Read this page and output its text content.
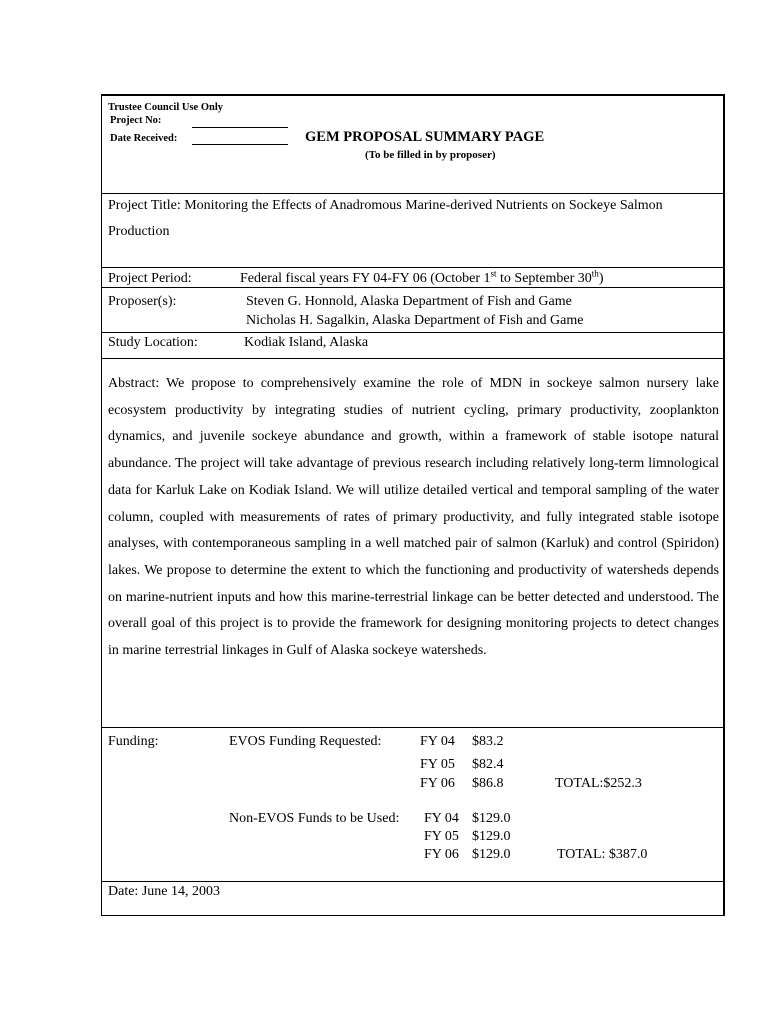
Trustee Council Use Only
Project No:
Date Received:	GEM PROPOSAL SUMMARY PAGE
(To be filled in by proposer)
Project Title: Monitoring the Effects of Anadromous Marine-derived Nutrients on Sockeye Salmon
Production
Project Period:	Federal fiscal years FY 04-FY 06 (October 1st to September 30th)
Proposer(s):	Steven G. Honnold, Alaska Department of Fish and Game
Nicholas H. Sagalkin, Alaska Department of Fish and Game
Study Location:	Kodiak Island, Alaska

Abstract: We propose to comprehensively examine the role of MDN in sockeye salmon nursery lake ecosystem productivity by integrating studies of nutrient cycling, primary productivity, zooplankton dynamics, and juvenile sockeye abundance and growth, within a framework of stable isotope natural abundance. The project will take advantage of previous research including relatively long-term limnological data for Karluk Lake on Kodiak Island. We will utilize detailed vertical and temporal sampling of the water column, coupled with measurements of rates of primary productivity, and fully integrated stable isotope analyses, with contemporaneous sampling in a well matched pair of salmon (Karluk) and control (Spiridon) lakes. We propose to determine the extent to which the functioning and productivity of watersheds depends on marine-nutrient inputs and how this marine-terrestrial linkage can be better detected and understood. The overall goal of this project is to provide the framework for designing monitoring projects to detect changes in marine terrestrial linkages in Gulf of Alaska sockeye watersheds.

Funding:	EVOS Funding Requested:	FY 04 $83.2
FY 05 $82.4
FY 06 $86.8	TOTAL:$252.3
Non-EVOS Funds to be Used: FY 04 $129.0
FY 05 $129.0
FY 06 $129.0	TOTAL: $387.0
Date: June 14, 2003
